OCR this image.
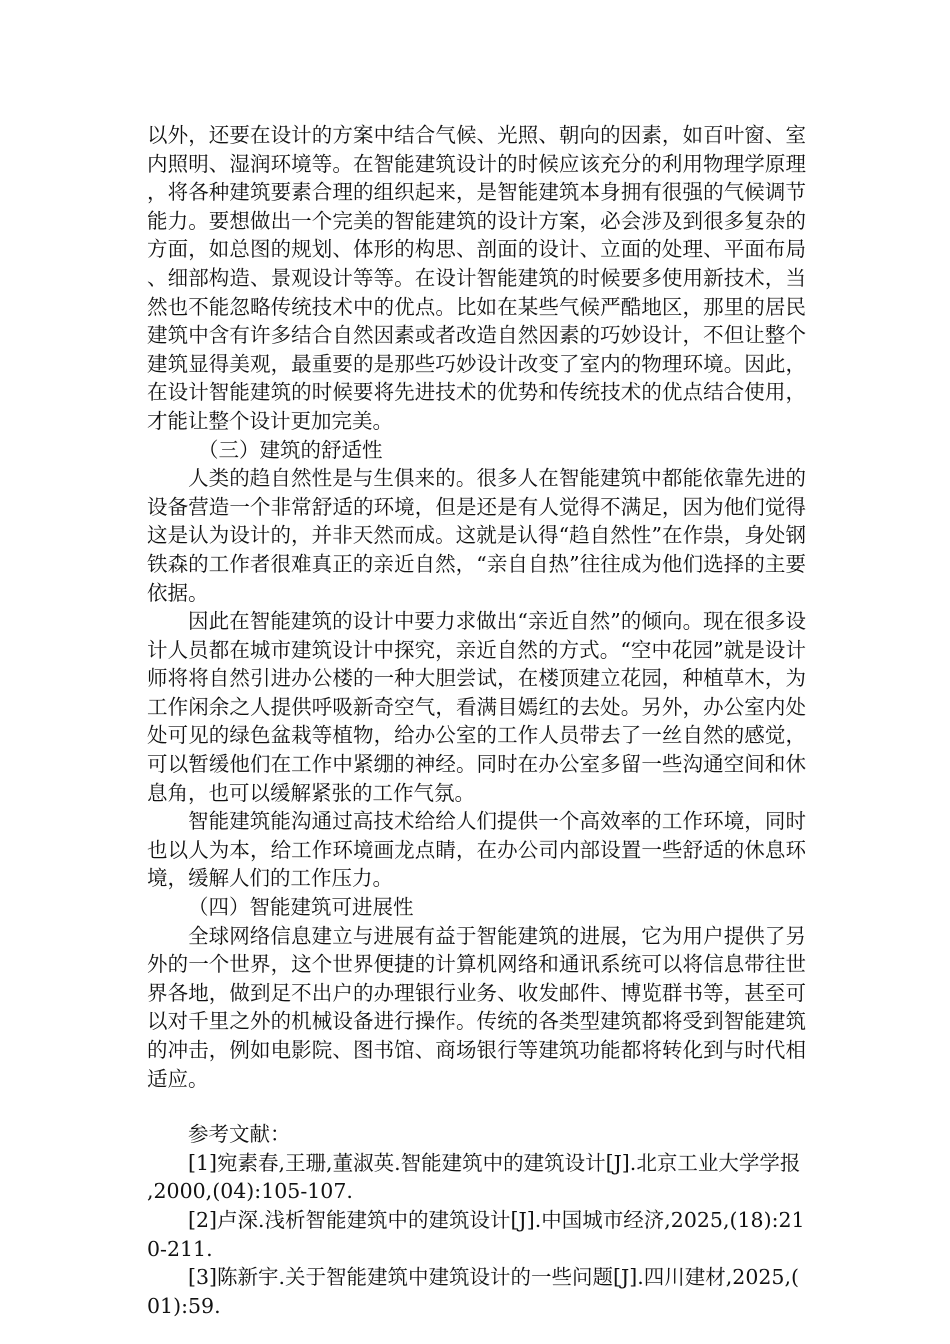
以外，还要在设计的方案中结合气候、光照、朝向的因素，如百叶窗、室内照明、湿润环境等。在智能建筑设计的时候应该充分的利用物理学原理，将各种建筑要素合理的组织起来，是智能建筑本身拥有很强的气候调节能力。要想做出一个完美的智能建筑的设计方案，必会涉及到很多复杂的方面，如总图的规划、体形的构思、剖面的设计、立面的处理、平面布局、细部构造、景观设计等等。在设计智能建筑的时候要多使用新技术，当然也不能忽略传统技术中的优点。比如在某些气候严酷地区，那里的居民建筑中含有许多结合自然因素或者改造自然因素的巧妙设计，不但让整个建筑显得美观，最重要的是那些巧妙设计改变了室内的物理环境。因此，在设计智能建筑的时候要将先进技术的优势和传统技术的优点结合使用，才能让整个设计更加完美。

（三）建筑的舒适性

人类的趋自然性是与生俱来的。很多人在智能建筑中都能依靠先进的设备营造一个非常舒适的环境，但是还是有人觉得不满足，因为他们觉得这是认为设计的，并非天然而成。这就是认得“趋自然性”在作祟，身处钢铁森的工作者很难真正的亲近自然，“亲自自热”往往成为他们选择的主要依据。

因此在智能建筑的设计中要力求做出“亲近自然”的倾向。现在很多设计人员都在城市建筑设计中探究，亲近自然的方式。“空中花园”就是设计师将将自然引进办公楼的一种大胆尝试，在楼顶建立花园，种植草木，为工作闲余之人提供呼吸新奇空气，看满目嫣红的去处。另外，办公室内处处可见的绿色盆栽等植物，给办公室的工作人员带去了一丝自然的感觉，可以暂缓他们在工作中紧绷的神经。同时在办公室多留一些沟通空间和休息角，也可以缓解紧张的工作气氛。

智能建筑能沟通过高技术给给人们提供一个高效率的工作环境，同时也以人为本，给工作环境画龙点睛，在办公司内部设置一些舒适的休息环境，缓解人们的工作压力。

（四）智能建筑可进展性

全球网络信息建立与进展有益于智能建筑的进展，它为用户提供了另外的一个世界，这个世界便捷的计算机网络和通讯系统可以将信息带往世界各地，做到足不出户的办理银行业务、收发邮件、博览群书等，甚至可以对千里之外的机械设备进行操作。传统的各类型建筑都将受到智能建筑的冲击，例如电影院、图书馆、商场银行等建筑功能都将转化到与时代相适应。

参考文献：

[1]宛素春,王珊,董淑英.智能建筑中的建筑设计[J].北京工业大学学报,2000,(04):105-107.

[2]卢深.浅析智能建筑中的建筑设计[J].中国城市经济,2025,(18):210-211.

[3]陈新宇.关于智能建筑中建筑设计的一些问题[J].四川建材,2025,(01):59.
